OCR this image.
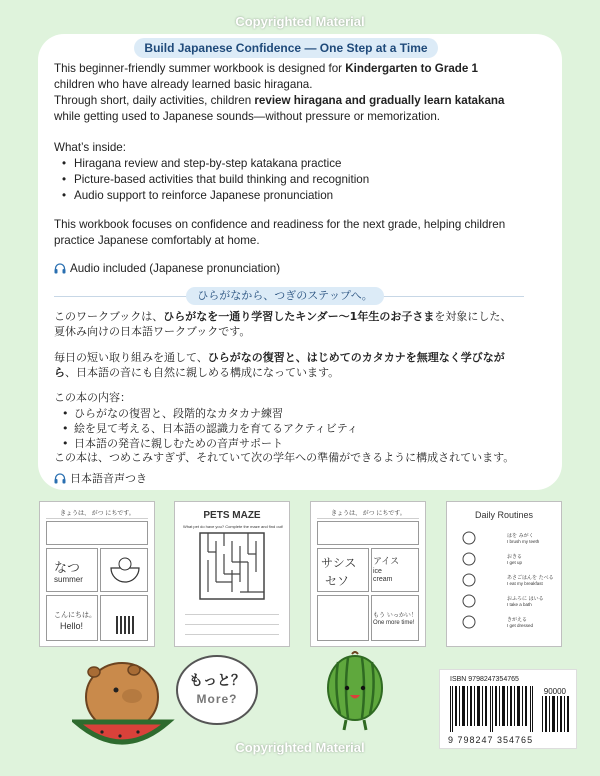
Copyrighted Material
Build Japanese Confidence — One Step at a Time
This beginner-friendly summer workbook is designed for Kindergarten to Grade 1
children who have already learned basic hiragana.
Through short, daily activities, children review hiragana and gradually learn katakana
while getting used to Japanese sounds—without pressure or memorization.
What’s inside:
• Hiragana review and step-by-step katakana practice
• Picture-based activities that build thinking and recognition
• Audio support to reinforce Japanese pronunciation
This workbook focuses on confidence and readiness for the next grade, helping children
practice Japanese comfortably at home.
Audio included (Japanese pronunciation)
ひらがなから、つぎのステップへ。
このワークブックは、ひらがなを一通り学習したキンダー〜1年生のお子さまを対象にした、
夏休み向けの日本語ワークブックです。
毎日の短い取り組みを通して、ひらがなの復習と、はじめてのカタカナを無理なく学びなが
ら、日本語の音にも自然に親しめる構成になっています。
この本の内容：
• ひらがなの復習と、段階的なカタカナ練習
• 絵を見て考える、日本語の認識力を育てるアクティビティ
• 日本語の発音に親しむための音声サポート
この本は、つめこみすぎず、それていて次の学年への準備ができるように構成されています。
日本語音声つき
きょうは、 がつ にちです。
なつ
summer
こんにちは。
Hello!
PETS MAZE
What pet do have you? Complete the maze and find out!
きょうは、 がつ にちです。
サシス
セソ
アイス
ice cream
もう いっかい！
One more time!
Daily Routines
はを みがく
I brush my teeth
おきる
I get up
あさごはんを たべる
I eat my breakfast
おふろに はいる
I take a bath
きがえる
I get dressed
もっと？
More?
ISBN 9798247354765
90000
9 798247 354765
Copyrighted Material
